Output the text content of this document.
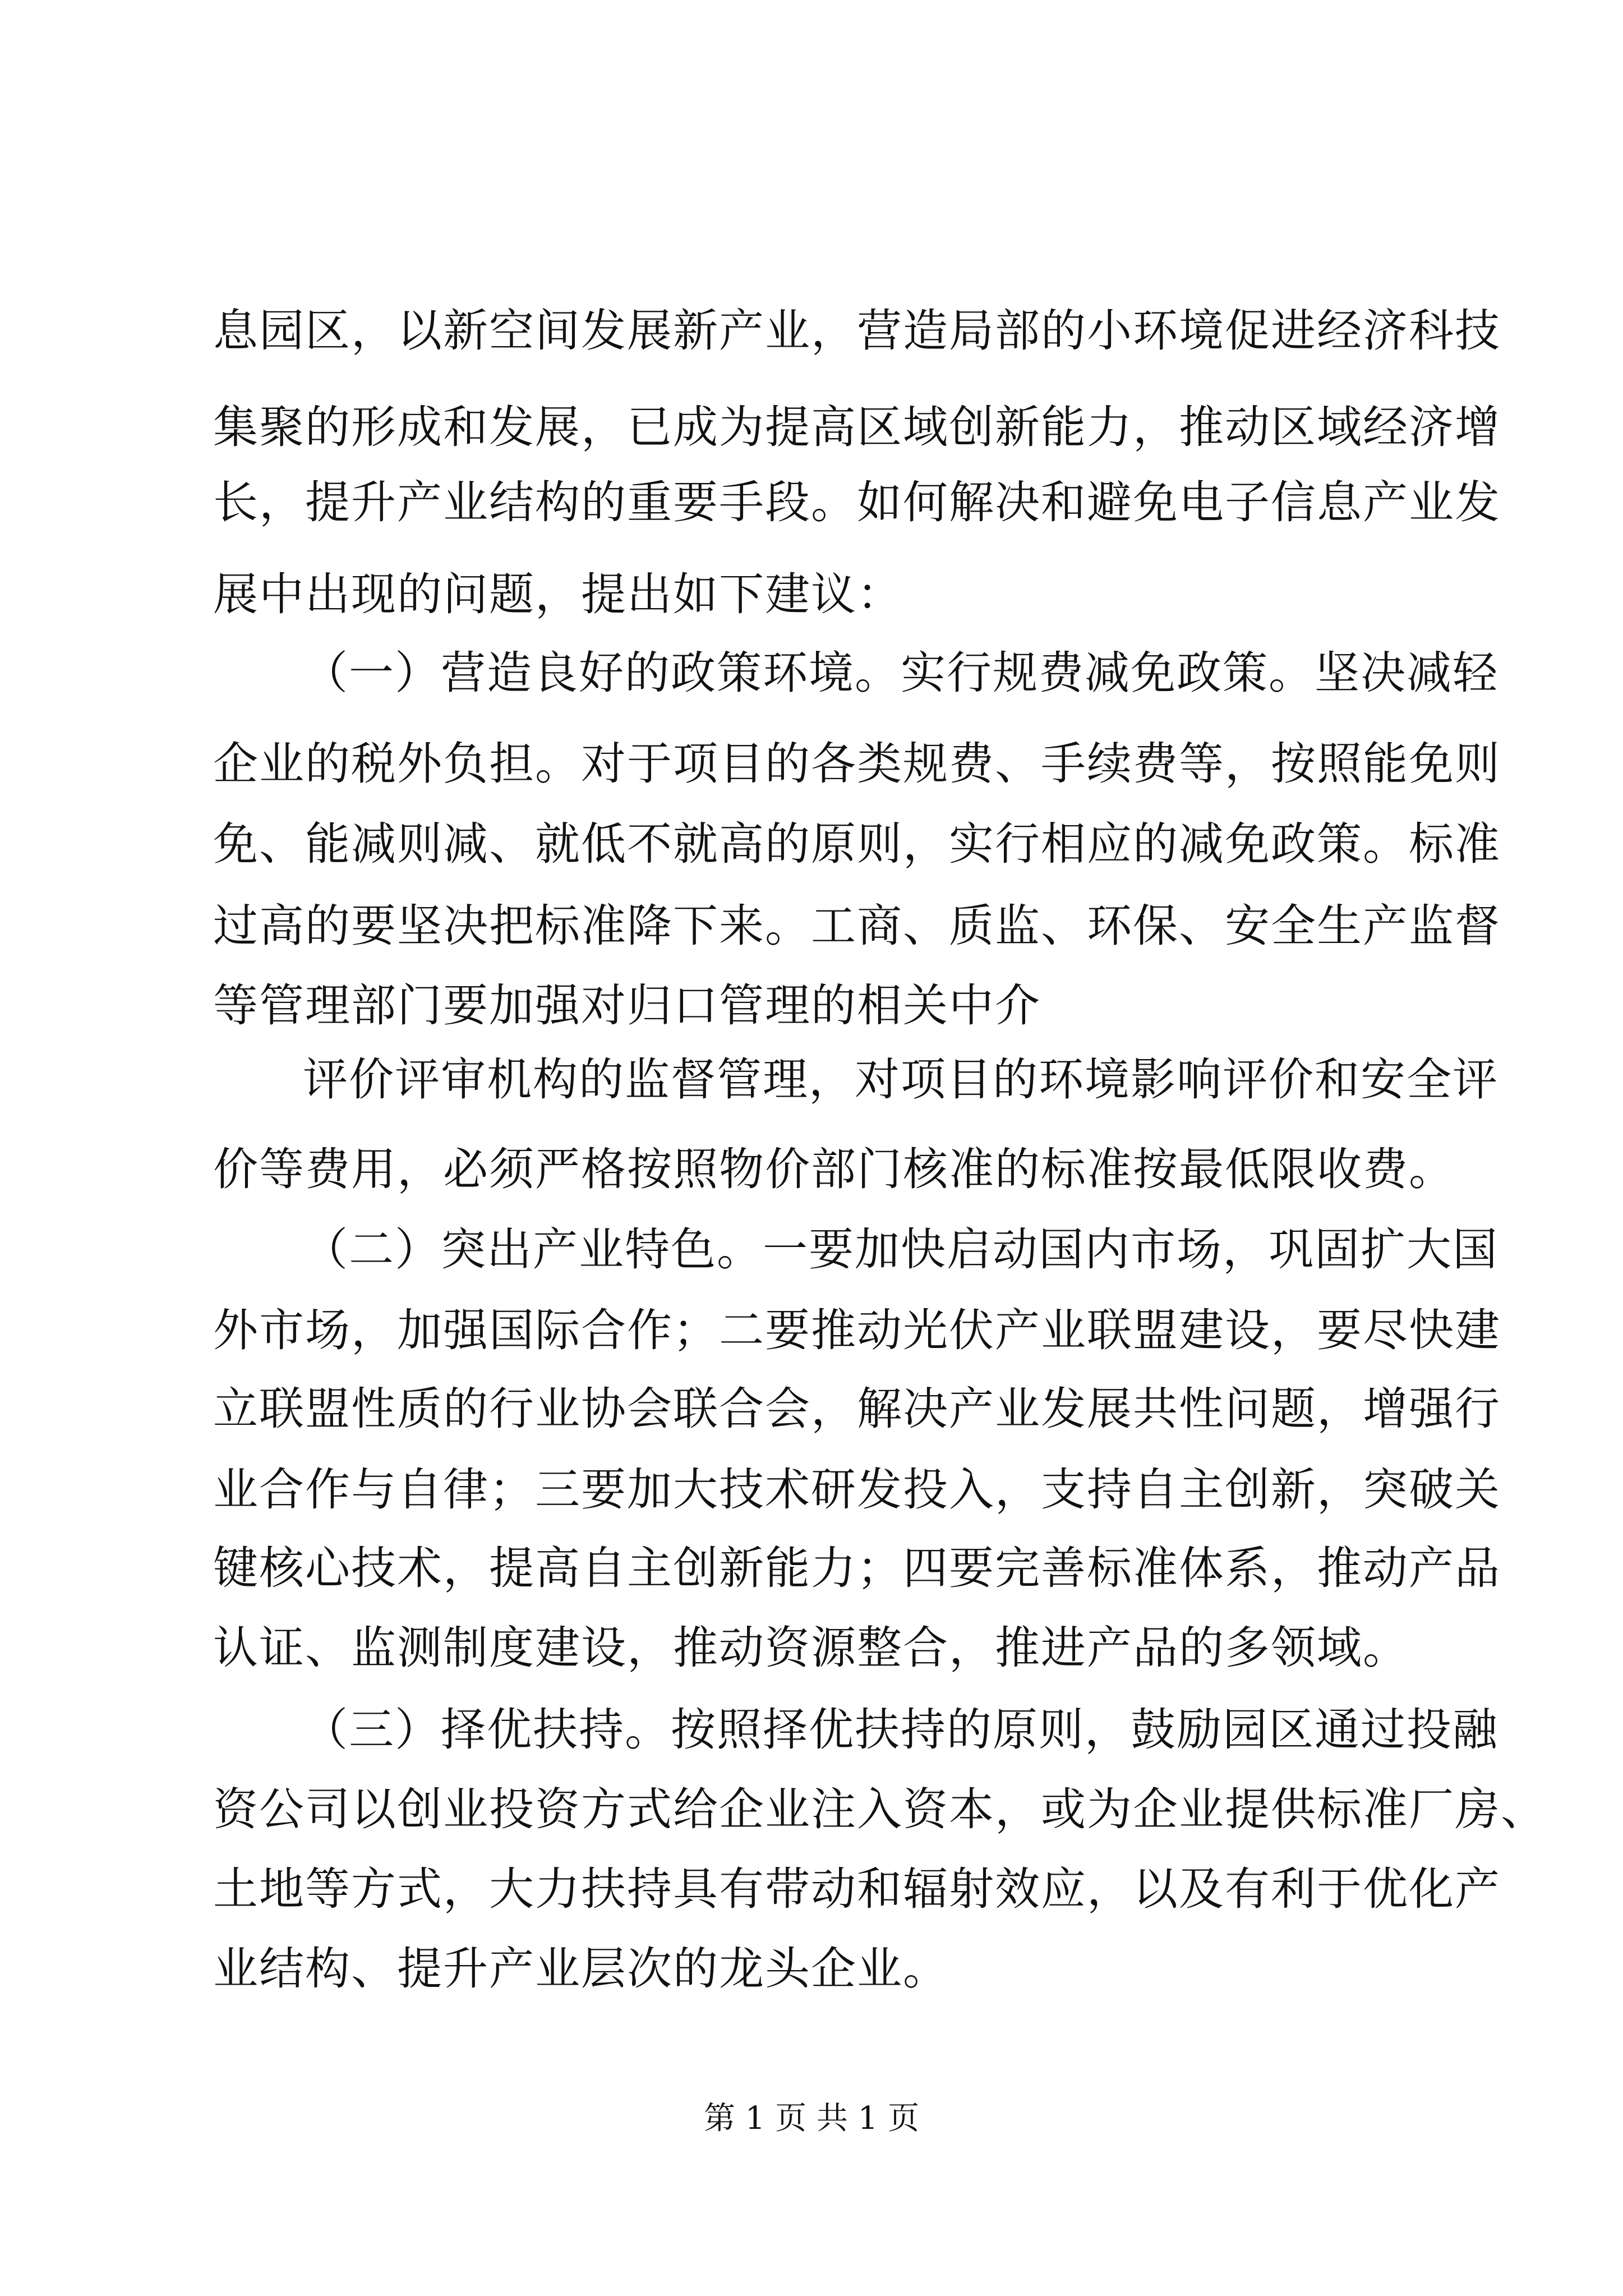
息园区，以新空间发展新产业，营造局部的小环境促进经济科技
集聚的形成和发展，已成为提高区域创新能力，推动区域经济增
长，提升产业结构的重要手段。如何解决和避免电子信息产业发
展中出现的问题，提出如下建议：
（一）营造良好的政策环境。实行规费减免政策。坚决减轻
企业的税外负担。对于项目的各类规费、手续费等，按照能免则
免、能减则减、就低不就高的原则，实行相应的减免政策。标准
过高的要坚决把标准降下来。工商、质监、环保、安全生产监督
等管理部门要加强对归口管理的相关中介
评价评审机构的监督管理，对项目的环境影响评价和安全评
价等费用，必须严格按照物价部门核准的标准按最低限收费。
（二）突出产业特色。一要加快启动国内市场，巩固扩大国
外市场，加强国际合作；二要推动光伏产业联盟建设，要尽快建
立联盟性质的行业协会联合会，解决产业发展共性问题，增强行
业合作与自律；三要加大技术研发投入，支持自主创新，突破关
键核心技术，提高自主创新能力；四要完善标准体系，推动产品
认证、监测制度建设，推动资源整合，推进产品的多领域。
（三）择优扶持。按照择优扶持的原则，鼓励园区通过投融
资公司以创业投资方式给企业注入资本，或为企业提供标准厂房、
土地等方式，大力扶持具有带动和辐射效应，以及有利于优化产
业结构、提升产业层次的龙头企业。
第 1 页 共 1 页
